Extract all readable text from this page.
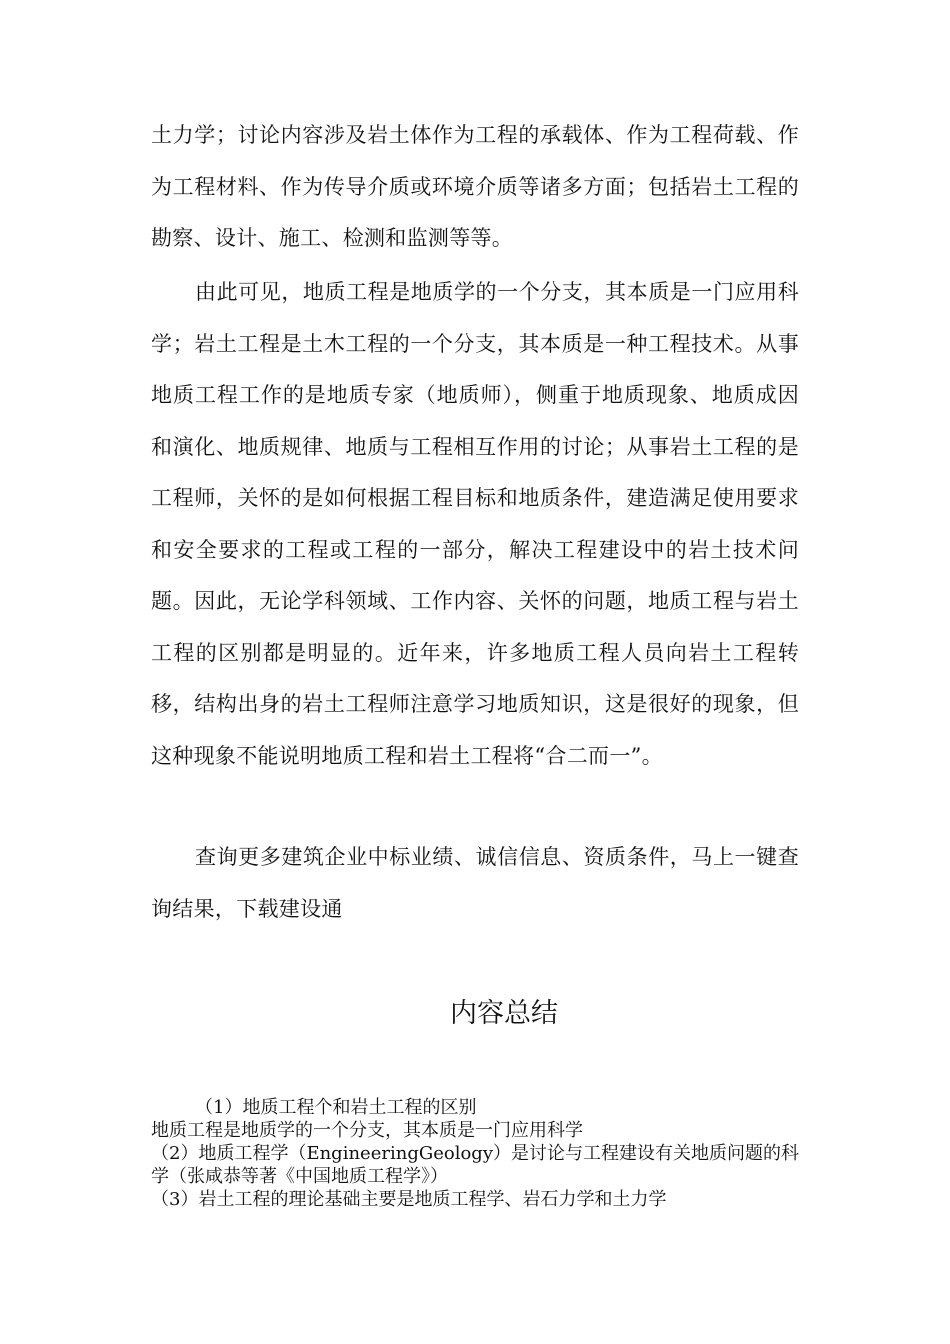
土力学；讨论内容涉及岩土体作为工程的承载体、作为工程荷载、作为工程材料、作为传导介质或环境介质等诸多方面；包括岩土工程的勘察、设计、施工、检测和监测等等。

由此可见，地质工程是地质学的一个分支，其本质是一门应用科学；岩土工程是土木工程的一个分支，其本质是一种工程技术。从事地质工程工作的是地质专家（地质师），侧重于地质现象、地质成因和演化、地质规律、地质与工程相互作用的讨论；从事岩土工程的是工程师，关怀的是如何根据工程目标和地质条件，建造满足使用要求和安全要求的工程或工程的一部分，解决工程建设中的岩土技术问题。因此，无论学科领域、工作内容、关怀的问题，地质工程与岩土工程的区别都是明显的。近年来，许多地质工程人员向岩土工程转移，结构出身的岩土工程师注意学习地质知识，这是很好的现象，但这种现象不能说明地质工程和岩土工程将“合二而一”。

查询更多建筑企业中标业绩、诚信信息、资质条件，马上一键查询结果，下载建设通

内容总结
（1）地质工程个和岩土工程的区别
地质工程是地质学的一个分支，其本质是一门应用科学
（2）地质工程学（EngineeringGeology）是讨论与工程建设有关地质问题的科学（张咸恭等著《中国地质工程学》）
（3）岩土工程的理论基础主要是地质工程学、岩石力学和土力学
